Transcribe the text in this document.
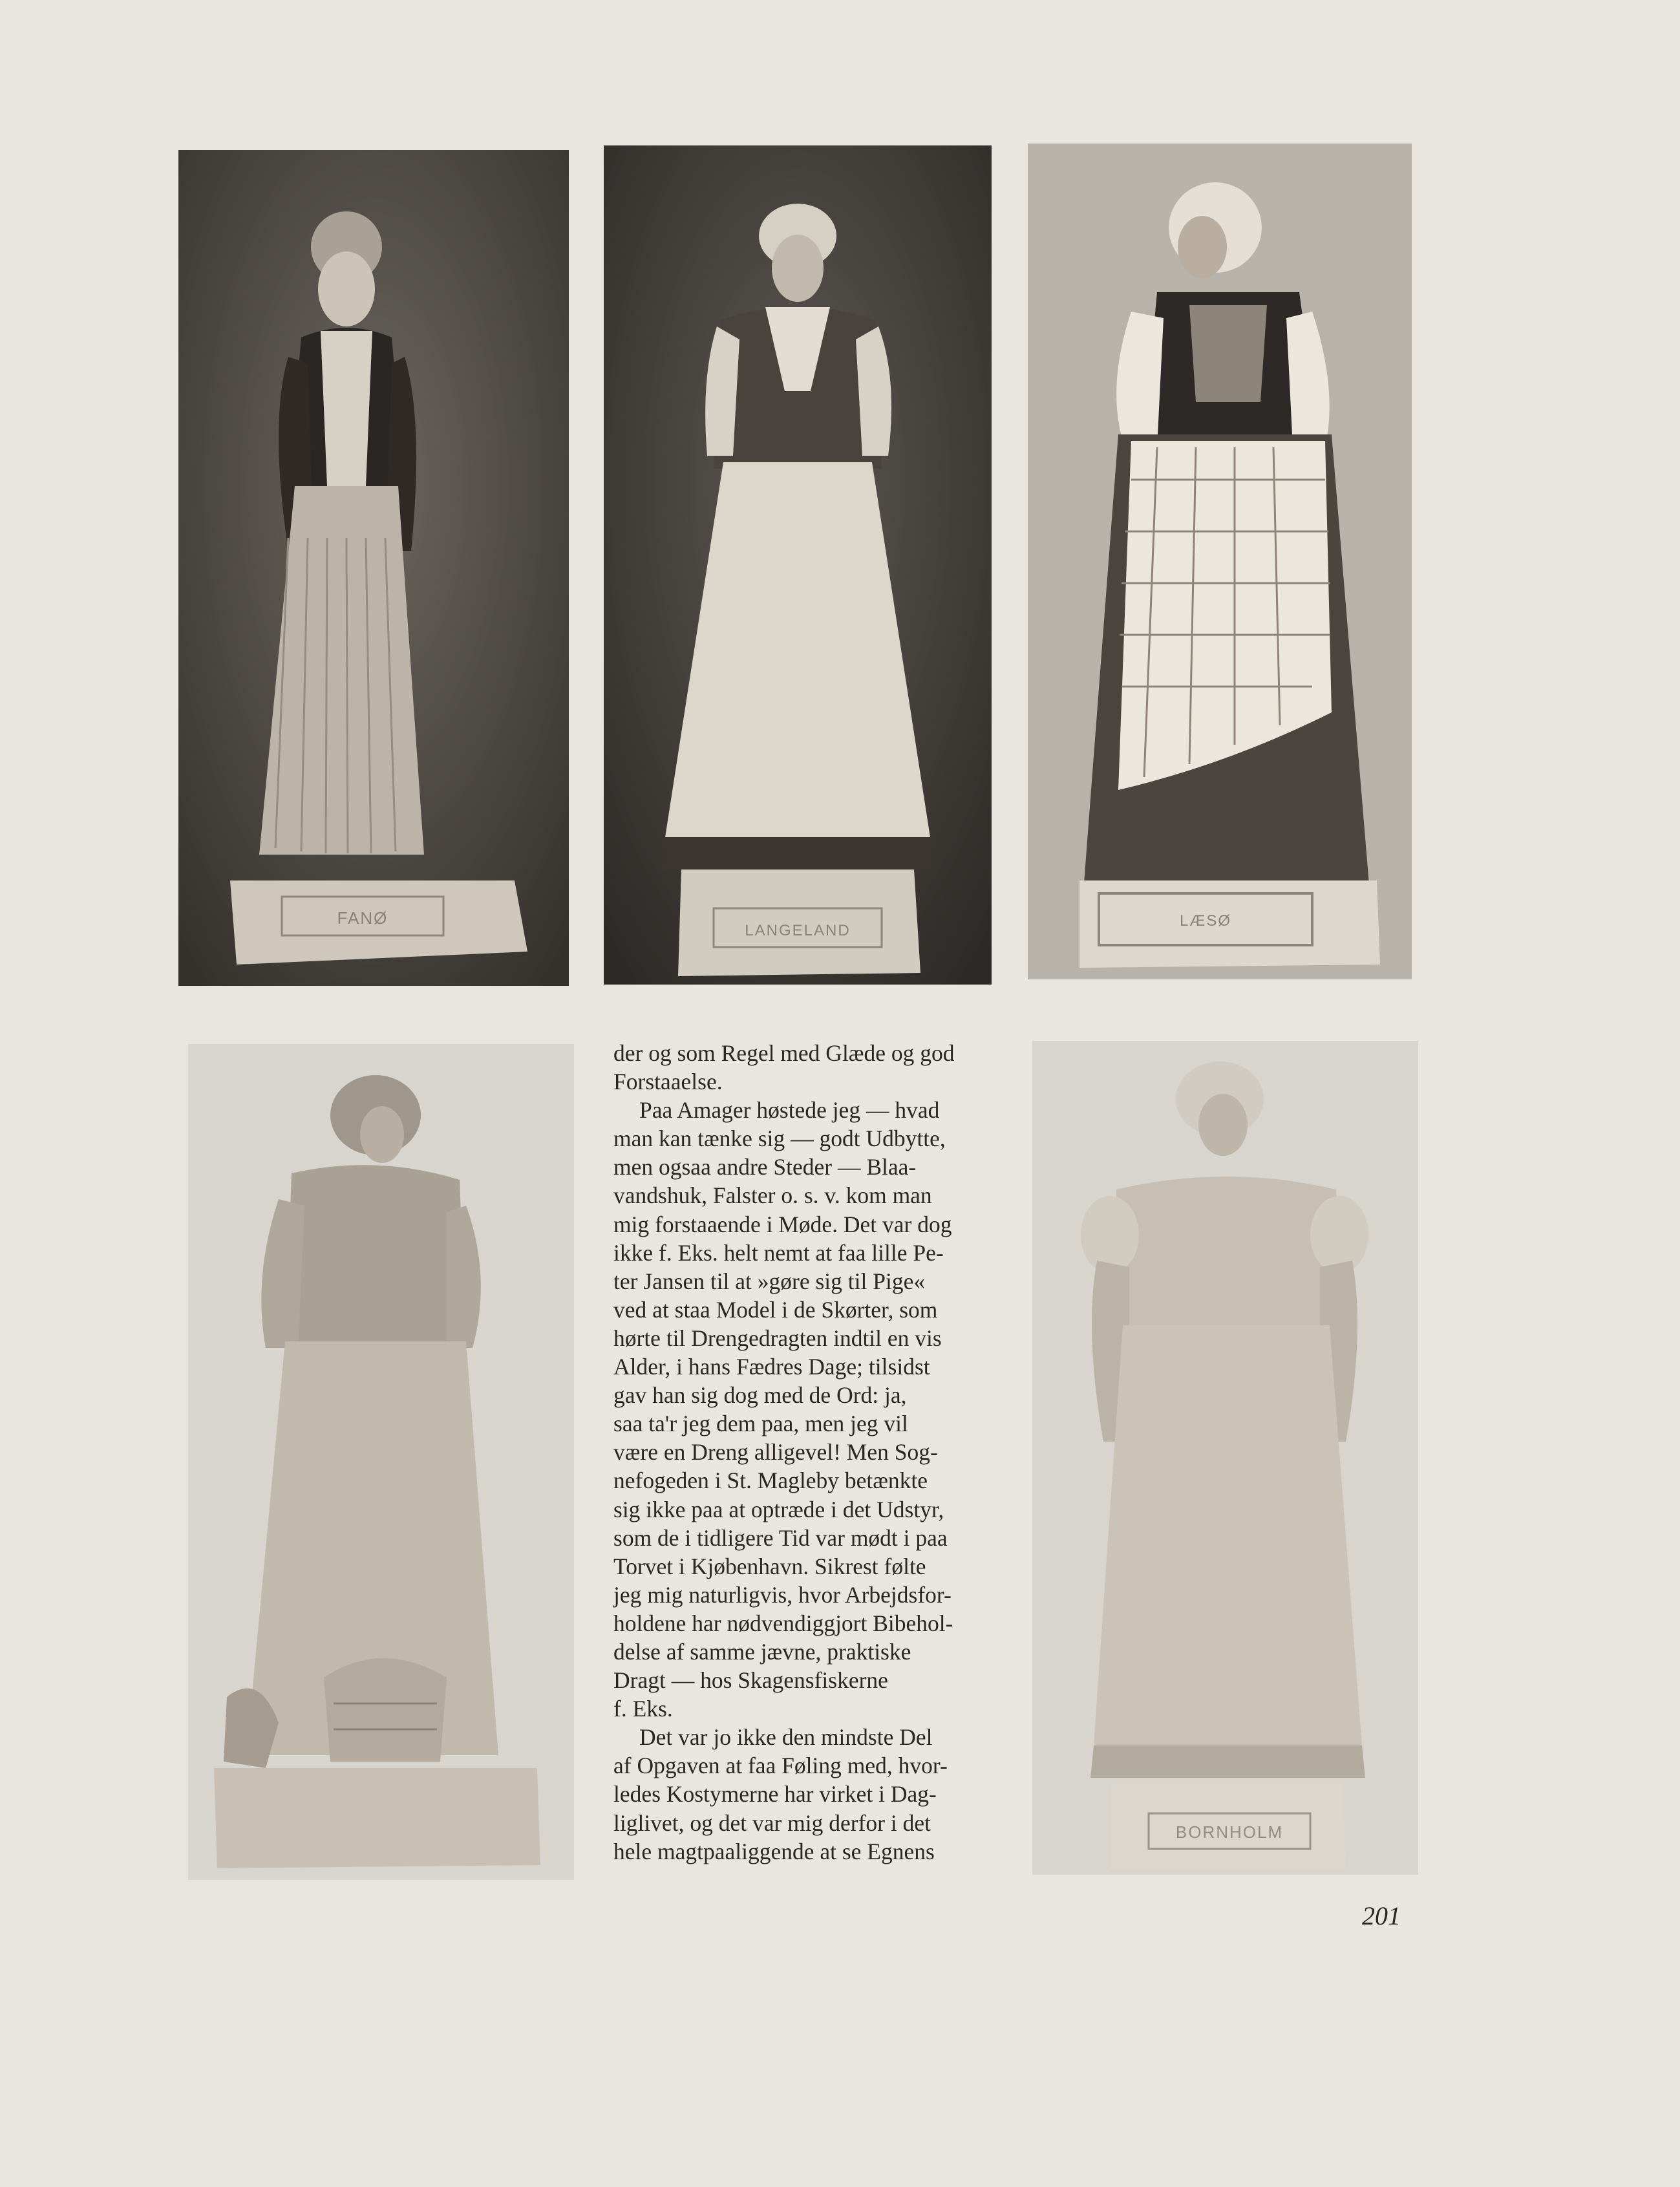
FANØ
LANGELAND
LÆSØ
BORNHOLM

der og som Regel med Glæde og god

Forstaaelse.

Paa Amager høstede jeg — hvad

man kan tænke sig — godt Udbytte,

men ogsaa andre Steder — Blaa-

vandshuk, Falster o. s. v. kom man

mig forstaaende i Møde. Det var dog

ikke f. Eks. helt nemt at faa lille Pe-

ter Jansen til at »gøre sig til Pige«

ved at staa Model i de Skørter, som

hørte til Drengedragten indtil en vis

Alder, i hans Fædres Dage; tilsidst

gav han sig dog med de Ord: ja,

saa ta'r jeg dem paa, men jeg vil

være en Dreng alligevel! Men Sog-

nefogeden i St. Magleby betænkte

sig ikke paa at optræde i det Udstyr,

som de i tidligere Tid var mødt i paa

Torvet i Kjøbenhavn. Sikrest følte

jeg mig naturligvis, hvor Arbejdsfor-

holdene har nødvendiggjort Bibehol-

delse af samme jævne, praktiske

Dragt — hos Skagensfiskerne

f. Eks.

Det var jo ikke den mindste Del

af Opgaven at faa Føling med, hvor-

ledes Kostymerne har virket i Dag-

liglivet, og det var mig derfor i det

hele magtpaaliggende at se Egnens

201
